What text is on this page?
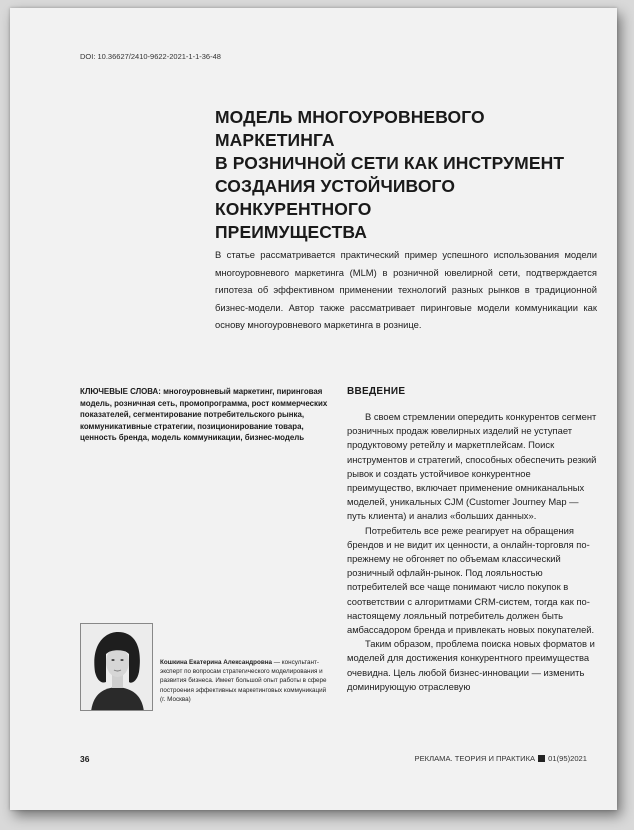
DOI: 10.36627/2410-9622-2021-1-1-36-48
МОДЕЛЬ МНОГОУРОВНЕВОГО МАРКЕТИНГА
В РОЗНИЧНОЙ СЕТИ КАК ИНСТРУМЕНТ
СОЗДАНИЯ УСТОЙЧИВОГО КОНКУРЕНТНОГО
ПРЕИМУЩЕСТВА

В статье рассматривается практический пример успешного использования модели многоуровневого маркетинга (MLM) в розничной ювелирной сети, подтверждается гипотеза об эффективном применении технологий разных рынков в традиционной бизнес-модели. Автор также рассматривает пиринговые модели коммуникации как основу многоуровневого маркетинга в рознице.

КЛЮЧЕВЫЕ СЛОВА: многоуровневый маркетинг, пиринговая модель, розничная сеть, промопрограмма, рост коммерческих показателей, сегментирование потребительского рынка, коммуникативные стратегии, позиционирование товара, ценность бренда, модель коммуникации, бизнес-модель
ВВЕДЕНИЕ

В своем стремлении опередить конкурентов сегмент розничных продаж ювелирных изделий не уступает продуктовому ретейлу и маркетплейсам. Поиск инструментов и стратегий, способных обеспечить резкий рывок и создать устойчивое конкурентное преимущество, включает применение омниканальных моделей, уникальных CJM (Customer Journey Map — путь клиента) и анализ «больших данных».

Потребитель все реже реагирует на обращения брендов и не видит их ценности, а онлайн-торговля по-прежнему не обгоняет по объемам классический розничный офлайн-рынок. Под лояльностью потребителей все чаще понимают число покупок в соответствии с алгоритмами CRM-систем, тогда как по-настоящему лояльный потребитель должен быть амбассадором бренда и привлекать новых покупателей.

Таким образом, проблема поиска новых форматов и моделей для достижения конкурентного преимущества очевидна. Цель любой бизнес-инновации — изменить доминирующую отраслевую

Кошкина Екатерина Александровна — консультант-эксперт по вопросам стратегического моделирования и развития бизнеса. Имеет большой опыт работы в сфере построения эффективных маркетинговых коммуникаций (г. Москва)
36	РЕКЛАМА. ТЕОРИЯ И ПРАКТИКА 01(95)2021
